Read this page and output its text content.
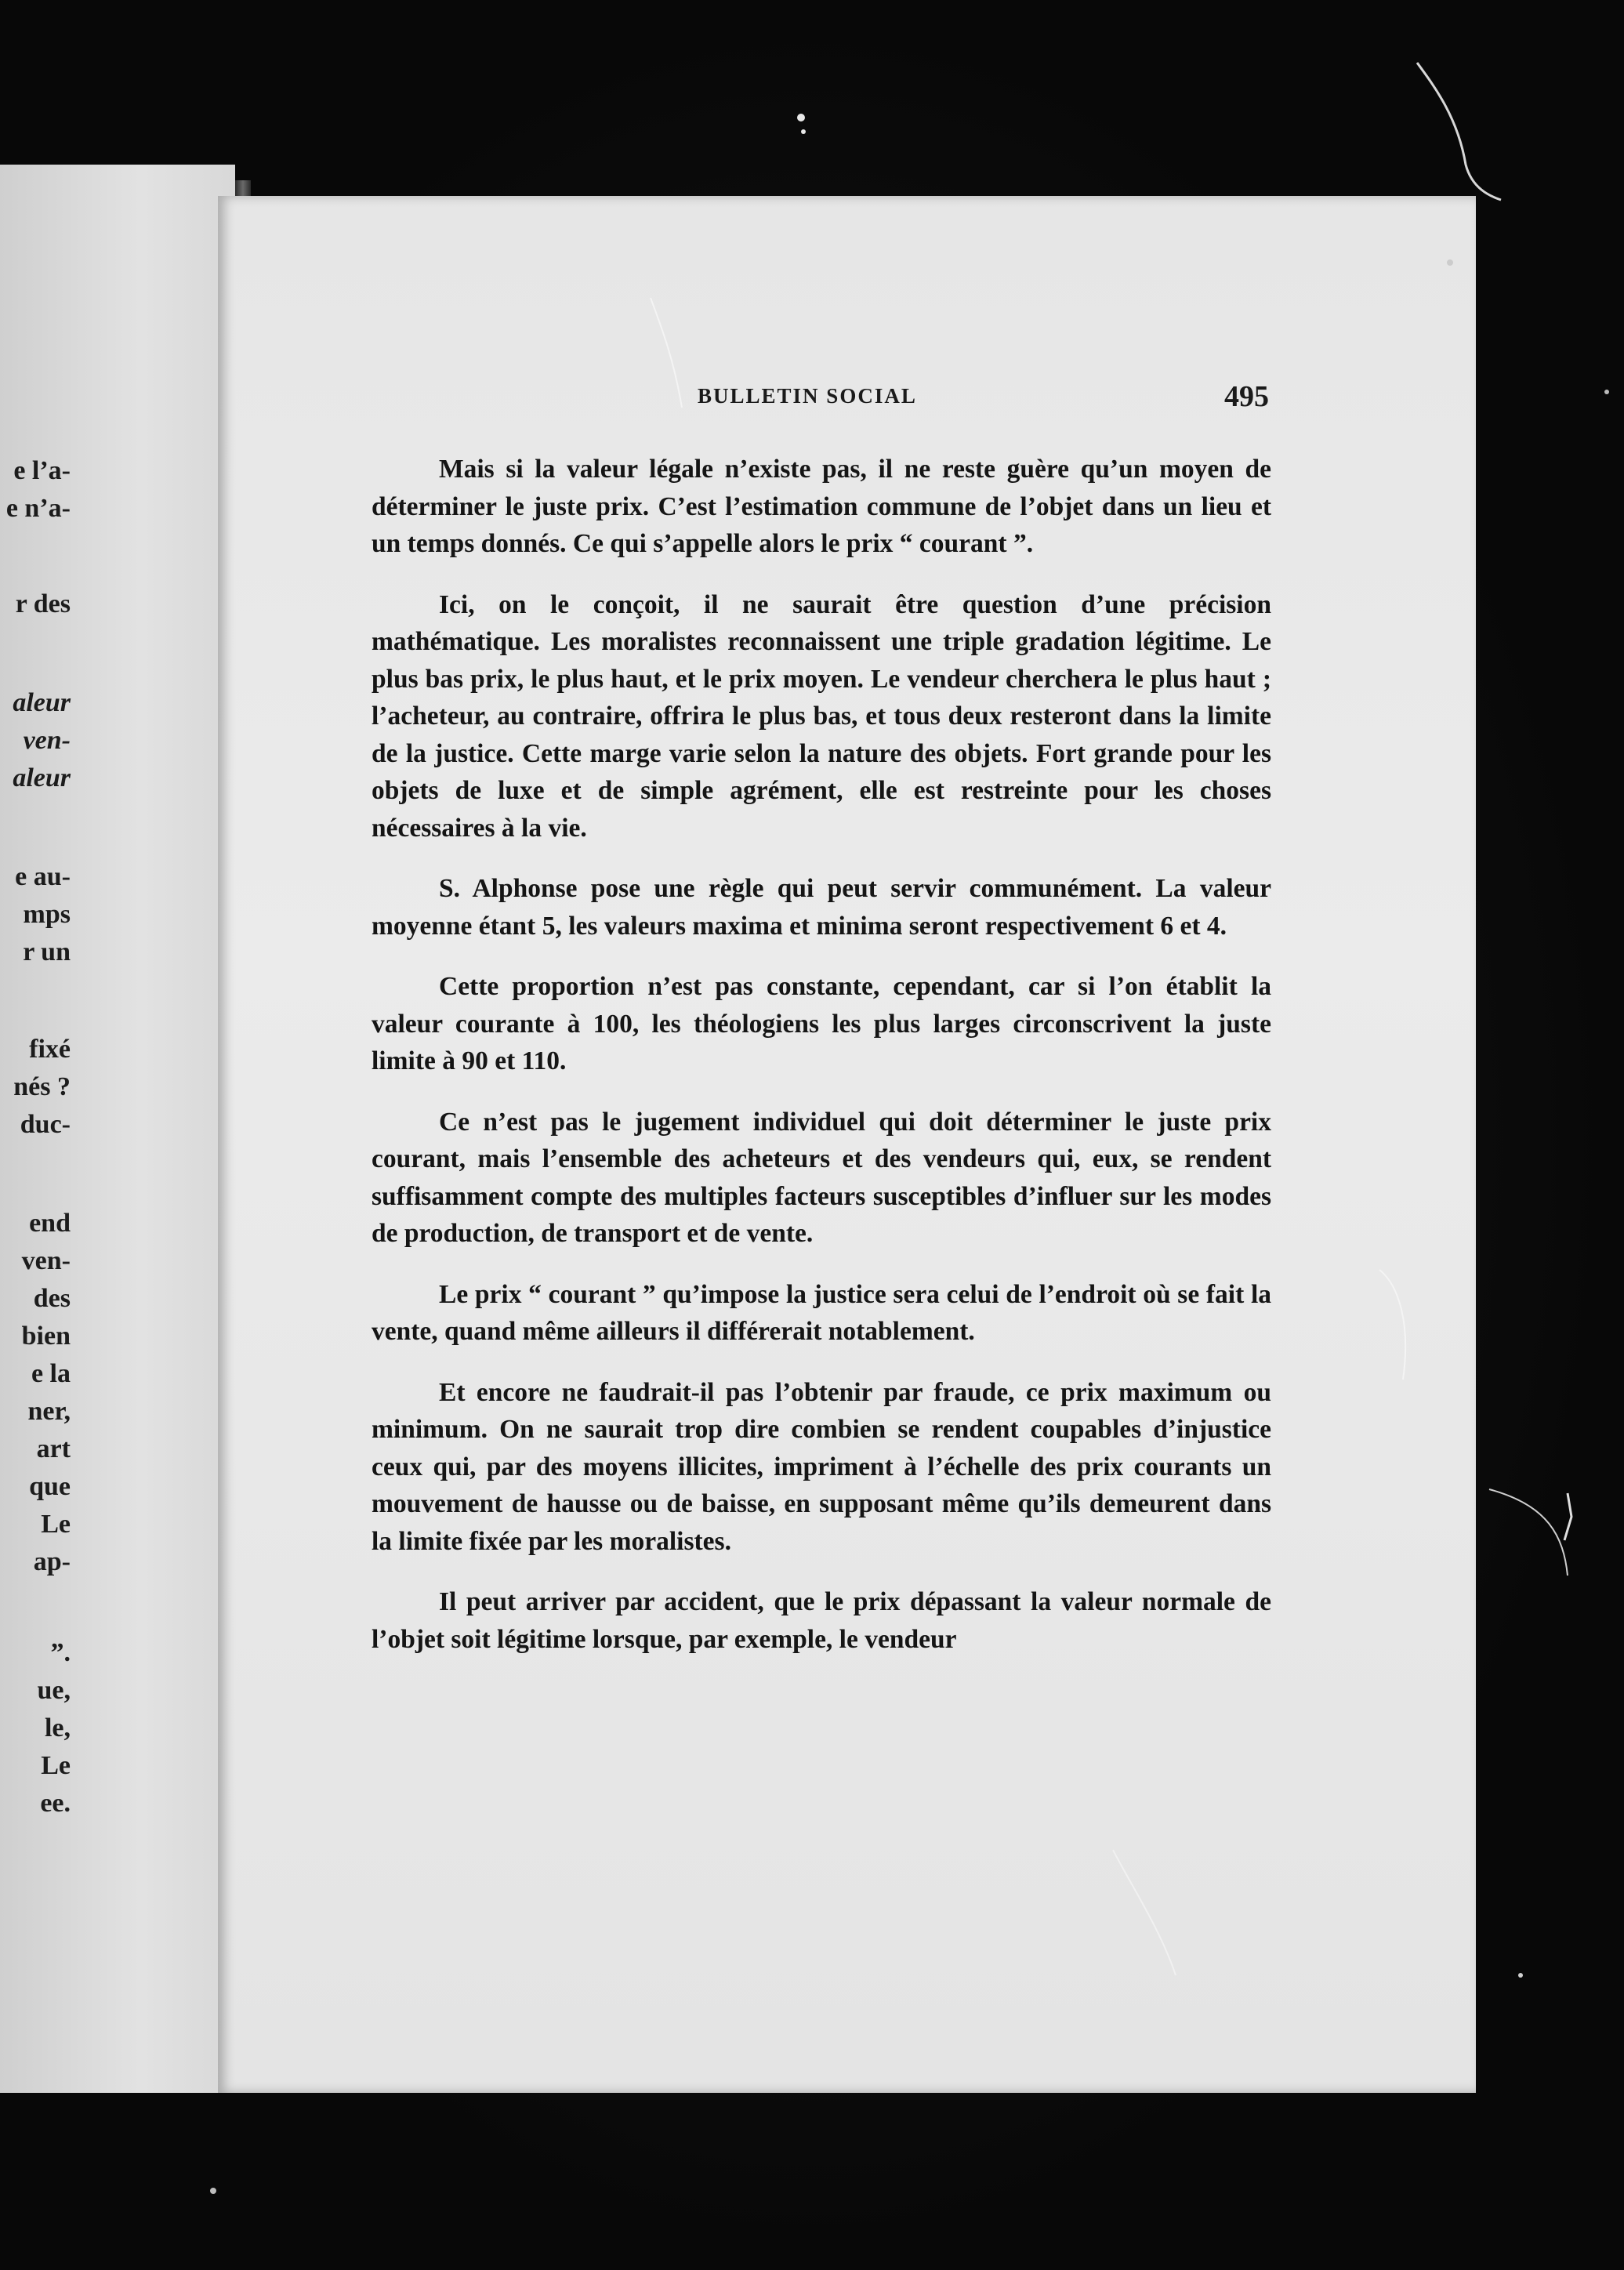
e l’a-
e n’a-
r des
aleur
ven-
aleur
e au-
mps
r un
fixé
nés ?
duc-
end
ven-
des
bien
e la
ner,
art
que
Le
ap-
”.
ue,
le,
Le
ee.
BULLETIN SOCIAL	495

Mais si la valeur légale n’existe pas, il ne reste guère qu’un moyen de déterminer le juste prix. C’est l’estimation commune de l’objet dans un lieu et un temps donnés. Ce qui s’appelle alors le prix “ courant ”.

Ici, on le conçoit, il ne saurait être question d’une précision mathématique. Les moralistes reconnaissent une triple gradation légitime. Le plus bas prix, le plus haut, et le prix moyen. Le vendeur cherchera le plus haut ; l’acheteur, au contraire, offrira le plus bas, et tous deux resteront dans la limite de la justice. Cette marge varie selon la nature des objets. Fort grande pour les objets de luxe et de simple agrément, elle est restreinte pour les choses nécessaires à la vie.

S. Alphonse pose une règle qui peut servir communément. La valeur moyenne étant 5, les valeurs maxima et minima seront respectivement 6 et 4.

Cette proportion n’est pas constante, cependant, car si l’on établit la valeur courante à 100, les théologiens les plus larges circonscrivent la juste limite à 90 et 110.

Ce n’est pas le jugement individuel qui doit déterminer le juste prix courant, mais l’ensemble des acheteurs et des vendeurs qui, eux, se rendent suffisamment compte des multiples facteurs susceptibles d’influer sur les modes de production, de transport et de vente.

Le prix “ courant ” qu’impose la justice sera celui de l’endroit où se fait la vente, quand même ailleurs il différerait notablement.

Et encore ne faudrait-il pas l’obtenir par fraude, ce prix maximum ou minimum. On ne saurait trop dire combien se rendent coupables d’injustice ceux qui, par des moyens illicites, impriment à l’échelle des prix courants un mouvement de hausse ou de baisse, en supposant même qu’ils demeurent dans la limite fixée par les moralistes.

Il peut arriver par accident, que le prix dépassant la valeur normale de l’objet soit légitime lorsque, par exemple, le vendeur
